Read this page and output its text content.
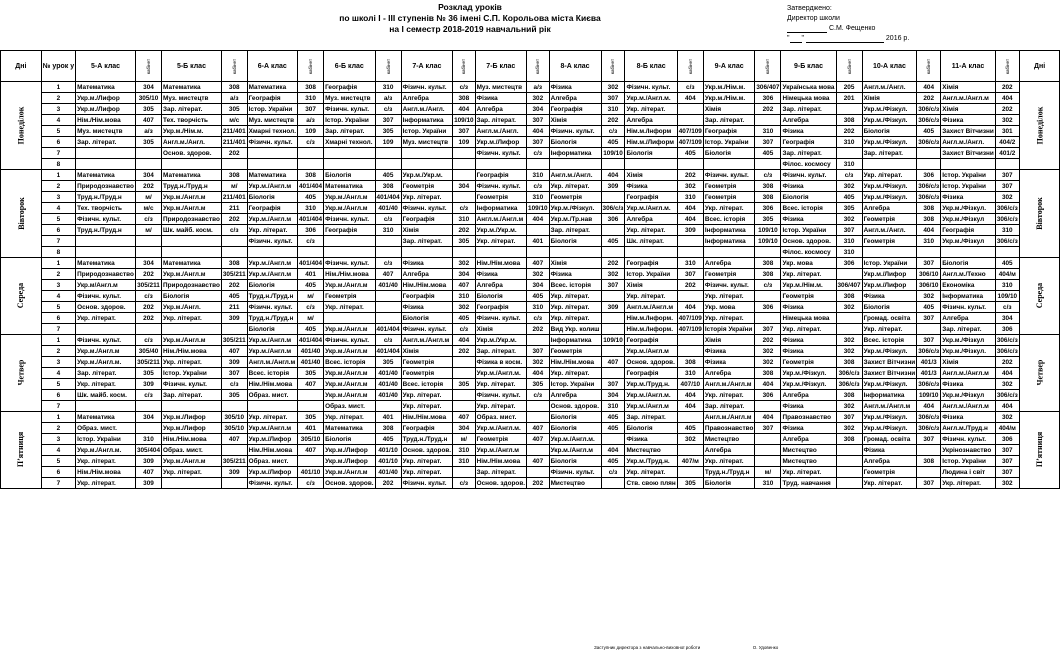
Розклад уроків
по школі І - ІІІ ступенів № 36 імені С.П. Корольова міста Києва
на І семестр 2018-2019 навчальний рік
Затверджено:
Директор школи
С.М. Фещенко
" "	2016 р.
Дні	№ урок у	5-А клас	кабінет	5-Б клас	кабінет	6-А клас	кабінет	6-Б клас	кабінет	7-А клас	кабінет	7-Б клас	кабінет	8-А клас	кабінет	8-Б клас	кабінет	9-А клас	кабінет	9-Б клас	кабінет	10-А клас	кабінет	11-А клас	кабінет	Дні
Понеділок	1	Математика	304	Математика	308	Математика	308	Географія	310	Фізичн. культ.	с/з	Муз. мистецтв	а/з	Фізика	302	Фізичн. культ.	с/з	Укр.м./Нім.м.	306/407	Українська мова	205	Англ.м./Англ.	404	Хімія	202	Понеділок
	2	Укр.м./Лифор	305/10	Муз. мистецтв	а/з	Географія	310	Муз. мистецтв	а/з	Алгебра	308	Фізика	302	Алгебра	307	Укр.м./Англ.м.	404	Укр.м./Нім.м.	306	Німецька мова	201	Хімія	202	Англ.м./Англ.м	404	
	3	Укр.м./Лифор	305	Зар. літерат.	305	Істор. України	307	Фізичн. культ.	с/з	Англ.м./Англ.	404	Алгебра	304	Географія	310	Укр. літерат.		Хімія	202	Зар. літерат.		Укр.м./Фізкул.	306/с/з	Хімія	202	
	4	Нім./Нім.мова	407	Тех. творчість	м/с	Муз. мистецтв	а/з	Істор. України	307	Інформатика	109/10	Зар. літерат.	307	Хімія	202	Алгебра		Зар. літерат.		Алгебра	308	Укр.м./Фізкул.	306/с/з	Фізика	302	
	5	Муз. мистецтв	а/з	Укр.м./Нім.м.	211/401	Хмарні технол.	109	Зар. літерат.	305	Істор. України	307	Англ.м./Англ.	404	Фізичн. культ.	с/з	Нім.м./Інформ	407/109	Географія	310	Фізика	202	Біологія	405	Захист Вітчизни	301	
	6	Зар. літерат.	305	Англ.м./Англ.	211/401	Фізичн. культ.	с/з	Хмарні технол.	109	Муз. мистецтв	109	Укр.м./Лифор	307	Біологія	405	Нім.м./Лиформ	407/109	Істор. України	307	Географія	310	Укр.м./Фізкул.	306/с/з	Англ.м./Англ.	404/2	
	7			Основ. здоров.	202							Фізичн. культ.	с/з	Інформатика	109/10	Біологія	405	Біологія	405	Зар. літерат.		Зар. літерат.		Захист Вітчизни	401/2	
	8																			Філос. космосу	310					
Вівторок	1	Математика	304	Математика	308	Математика	308	Біологія	405	Укр.м./Укр.м.		Географія	310	Англ.м./Англ.	404	Хімія	202	Фізичн. культ.	с/з	Фізичн. культ.	с/з	Укр. літерат.	306	Істор. України	307	Вівторок
	2	Природознавство	202	Труд.н./Труд.н	м/	Укр.м./Англ.м	401/404	Математика	308	Геометрія	304	Фізичн. культ.	с/з	Укр. літерат.	309	Фізика	302	Геометрія	308	Фізика	302	Укр.м./Фізкул.	306/с/з	Істор. України	307	
	3	Труд.н./Труд.н	м/	Укр.м./Англ.м	211/401	Біологія	405	Укр.м./Англ.м	401/404	Укр. літерат.		Геометрія	310	Геометрія		Географія	310	Геометрія	308	Біологія	405	Укр.м./Фізкул.	306/с/з	Фізика	302	
	4	Тех. творчість	м/с	Укр.м./Англ.м	211	Географія	310	Укр.м./Англ.м	401/40	Фізичн. культ.	с/з	Інформатика	109/10	Укр.м./Фізкул.	306/с/з	Укр.м./Англ.м.	404	Укр. літерат.	306	Всес. історія	305	Алгебра	308	Укр.м./Фізкул.	306/с/з	
	5	Фізичн. культ.	с/з	Природознавство	202	Укр.м./Англ.м	401/404	Фізичн. культ.	с/з	Географія	310	Англ.м./Англ.м	404	Укр.м./Тр.нав	306	Алгебра	404	Всес. історія	305	Фізика	302	Геометрія	308	Укр.м./Фізкул	306/с/з	
	6	Труд.н./Труд.н	м/	Шк. майб. косм.	с/з	Укр. літерат.	306	Географія	310	Хімія	202	Укр.м./Укр.м.		Зар. літерат.		Укр. літерат.	309	Інформатика	109/10	Істор. України	307	Англ.м./Англ.	404	Географія	310	
	7					Фізичн. культ.	с/з			Зар. літерат.	305	Укр. літерат.	401	Біологія	405	Шк. літерат.		Інформатика	109/10	Основ. здоров.	310	Геометрія	310	Укр.м./Фізкул	306/с/з	
	8																			Філос. космосу	310					
Середа	1	Математика	304	Математика	308	Укр.м./Англ.м	401/404	Фізичн. культ.	с/з	Фізика	302	Нім./Нім.мова	407	Хімія	202	Географія	310	Алгебра	308	Укр. мова	306	Істор. України	307	Біологія	405	Середа
	2	Природознавство	202	Укр.м./Англ.м	305/211	Укр.м./Англ.м	401	Нім./Нім.мова	407	Алгебра	304	Фізика	302	Фізика	302	Істор. України	307	Геометрія	308	Укр. літерат.		Укр.м./Лифор	306/10	Англ.м./Техно	404/м	
	3	Укр.м/Англ.м	305/211	Природознавство	202	Біологія	405	Укр.м./Англ.м	401/40	Нім./Нім.мова	407	Алгебра	304	Всес. історія	307	Хімія	202	Фізичн. культ.	с/з	Укр.м./Нім.м.	306/407	Укр.м./Лифор	306/10	Економіка	310	
	4	Фізичн. культ.	с/з	Біологія	405	Труд.н./Труд.н	м/	Геометрія		Географія	310	Біологія	405	Укр. літерат.		Укр. літерат.		Укр. літерат.		Геометрія	308	Фізика	302	Інформатика	109/10	
	5	Основ. здоров.	202	Укр.м./Англ.	211	Фізичн. культ.	с/з	Укр. літерат.		Фізика	302	Географія	310	Укр. літерат.	309	Англ.м./Англ.м	404	Укр. мова	306	Фізика	302	Біологія	405	Фізичн. культ.	с/з	
	6	Укр. літерат.	202	Укр. літерат.	309	Труд.н./Труд.н	м/			Біологія	405	Фізичн. культ.	с/з	Укр. літерат.		Нім.м./Інформ.	407/109	Укр. літерат.		Німецька мова		Громад. освіта	307	Алгебра	304	
	7					Біологія	405	Укр.м./Англ.м	401/404	Фізичн. культ.	с/з	Хімія	202	Вид Укр. колиш		Нім.м./Інформ.	407/109	Історія України	307	Укр. літерат.		Укр. літерат.		Зар. літерат.	306	
Четвер	1	Фізичн. культ.	с/з	Укр.м./Англ.м	305/211	Укр.м./Англ.м	401/404	Фізичн. культ.	с/з	Англ.м./Англ.м	404	Укр.м./Укр.м.		Інформатика	109/10	Географія		Хімія	202	Фізика	302	Всес. історія	307	Укр.м./Фізкул	306/с/з	Четвер
	2	Укр.м./Англ.м	305/40	Нім./Нім.мова	407	Укр.м./Англ.м	401/40	Укр.м./Англ.м	401/404	Хімія	202	Зар. літерат.	307	Геометрія		Укр.м./Англ.м		Фізика	302	Фізика	302	Укр.м./Фізкул.	306/с/з	Укр.м./Фізкул.	306/с/з	
	3	Укр.м./Англ.м.	305/211	Укр. літерат.	309	Англ.м./Англ.м	401/40	Всес. історія	305	Геометрія		Фізика в косм.	302	Нім./Нім.мова	407	Основ. здоров.	308	Фізика	302	Геометрія	308	Захист Вітчизни	401/3	Хімія	202	
	4	Зар. літерат.	305	Істор. України	307	Всес. історія	305	Укр.м./Англ.м	401/40	Геометрія		Укр.м./Англ.м.	404	Укр. літерат.		Географія	310	Алгебра	308	Укр.м./Фізкул.	306/с/з	Захист Вітчизни	401/3	Англ.м./Англ.м	404	
	5	Укр. літерат.	309	Фізичн. культ.	с/з	Нім./Нім.мова	407	Укр.м./Англ.м	401/40	Всес. історія	305	Укр. літерат.	305	Істор. України	307	Укр.м./Труд.н.	407/10	Англ.м./Англ.м	404	Укр.м./Фізкул.	306/с/з	Укр.м./Фізкул.	306/с/з	Фізика	302	
	6	Шк. майб. косм.	с/з	Зар. літерат.	305	Образ. мист.		Укр.м./Англ.м	401/40	Укр. літерат.		Фізичн. культ.	с/з	Алгебра	304	Укр.м./Англ.м.	404	Укр. літерат.	306	Алгебра	308	Інформатика	109/10	Укр.м./Фізкул	306/с/з	
	7							Образ. мист.		Укр. літерат.		Укр. літерат.		Основ. здоров.	310	Укр.м./Англ.м	404	Зар. літерат.		Фізика	302	Англ.м./Англ.м	404	Англ.м./Англ.м	404	
Пʼятниця	1	Математика	304	Укр.м./Лифор	305/10	Укр. літерат.	305	Укр. літерат.	401	Нім./Нім.мова	407	Образ. мист.		Біологія	405	Зар. літерат.		Англ.м./Англ.м	404	Правознавство	307	Укр.м./Фізкул.	306/с/з	Фізика	302	Пʼятниця
	2	Образ. мист.		Укр.м./Лифор	305/10	Укр.м./Англ.м	401	Математика	308	Географія	304	Укр.м./Англ.м.	407	Біологія	405	Біологія	405	Правознавство	307	Фізика	302	Укр.м./Фізкул.	306/с/з	Англ.м./Труд.н	404/м	
	3	Істор. України	310	Нім./Нім.мова	407	Укр.м./Лифор	305/10	Біологія	405	Труд.н./Труд.н	м/	Геометрія	407	Укр.м./Англ.м.		Фізика	302	Мистецтво		Алгебра	308	Громад. освіта	307	Фізичн. культ.	306	
	4	Укр.м./Англ.м.	305/404	Образ. мист.		Нім./Нім.мова	407	Укр.м./Лифор	401/10	Основ. здоров.	310	Укр.м./Англ.м		Укр.м./Англ.м	404	Мистецтво		Алгебра		Мистецтво		Фізика		Укрінознавство	307	
	5	Укр. літерат.	309	Укр.м./Англ.м	305/211	Образ. мист.		Укр.м./Лифор	401/10	Укр. літерат.	310	Нім./Нім.мова	407	Біологія	405	Укр.м./Труд.н.	407/м	Укр. літерат.		Мистецтво		Алгебра	308	Істор. України	307	
	6	Нім./Нім.мова	407	Укр. літерат.	309	Укр.м./Лифор	401/10	Укр.м./Англ.м	401/40	Укр. літерат.		Зар. літерат.		Фізичн. культ.	с/з	Укр. літерат.		Труд.н./Труд.н	м/	Укр. літерат.		Геометрія		Людина і світ	307	
	7	Укр. літерат.	309			Фізичн. культ.	с/з	Основ. здоров.	202	Фізичн. культ.	с/з	Основ. здоров.	202	Мистецтво		Ств. свою плян	305	Біологія	310	Труд. навчання		Укр. літерат.	307	Укр. літерат.	302	
Заступник директора з навчально-виховної роботи	О. Удовенко
